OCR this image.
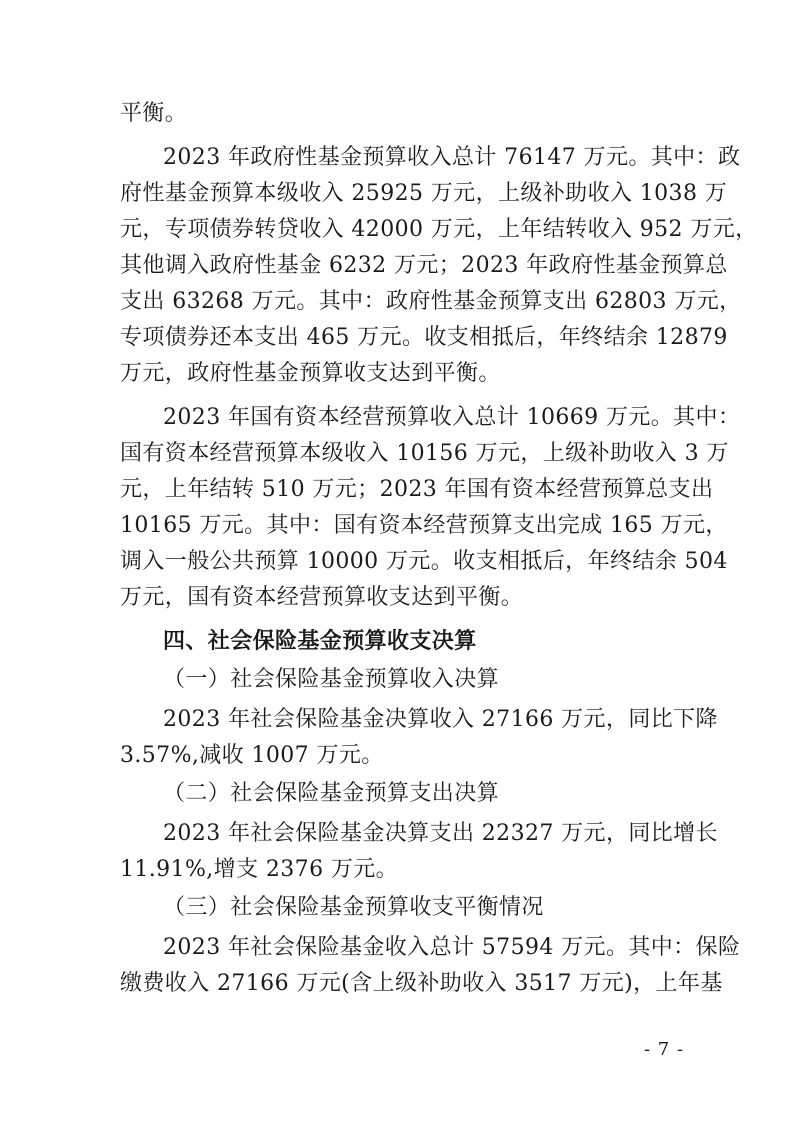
平衡。
2023 年政府性基金预算收入总计 76147 万元。其中：政
府性基金预算本级收入 25925 万元，上级补助收入 1038 万
元，专项债券转贷收入 42000 万元，上年结转收入 952 万元，
其他调入政府性基金 6232 万元；2023 年政府性基金预算总
支出 63268 万元。其中：政府性基金预算支出 62803 万元，
专项债券还本支出 465 万元。收支相抵后，年终结余 12879
万元，政府性基金预算收支达到平衡。
2023 年国有资本经营预算收入总计 10669 万元。其中：
国有资本经营预算本级收入 10156 万元，上级补助收入 3 万
元，上年结转 510 万元；2023 年国有资本经营预算总支出
10165 万元。其中：国有资本经营预算支出完成 165 万元，
调入一般公共预算 10000 万元。收支相抵后，年终结余 504
万元，国有资本经营预算收支达到平衡。
四、社会保险基金预算收支决算
（一）社会保险基金预算收入决算
2023 年社会保险基金决算收入 27166 万元，同比下降
3.57%,减收 1007 万元。
（二）社会保险基金预算支出决算
2023 年社会保险基金决算支出 22327 万元，同比增长
11.91%,增支 2376 万元。
（三）社会保险基金预算收支平衡情况
2023 年社会保险基金收入总计 57594 万元。其中：保险
缴费收入 27166 万元(含上级补助收入 3517 万元)，上年基
- 7 -
